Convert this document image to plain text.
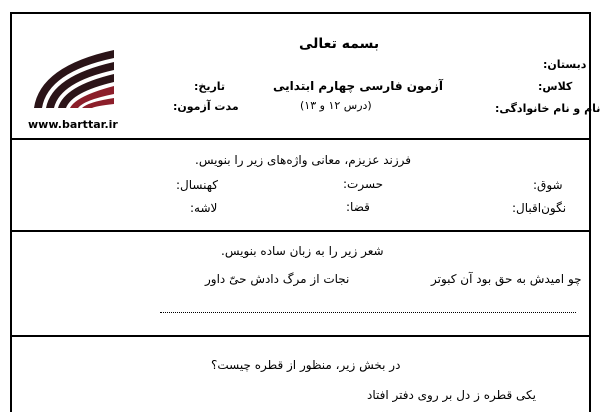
www.barttar.ir
بسمه تعالی
دبستان:
کلاس:
نام و نام خانوادگی:
آزمون فارسی چهارم ابتدایی
(درس ۱۲ و ۱۳)
تاریخ:
مدت آزمون:
فرزند عزیزم، معانی واژه‌های زیر را بنویس.
شوق:
حسرت:
کهنسال:
نگون‌اقبال:
قضا:
لاشه:
شعر زیر را به زبان ساده بنویس.
چو امیدش به حق بود آن کبوتر
نجات از مرگ دادش حیّ داور
در بخش زیر، منظور از قطره چیست؟
یکی قطره ز دل بر روی دفتر افتاد
